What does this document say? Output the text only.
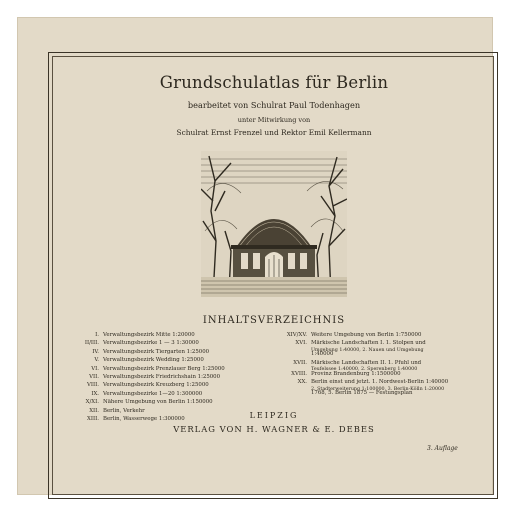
Grundschulatlas für Berlin
bearbeitet von Schulrat Paul Todenhagen
unter Mitwirkung von
Schulrat Ernst Frenzel und Rektor Emil Kellermann
INHALTSVERZEICHNIS
I. Verwaltungsbezirk Mitte 1:20000
II/III. Verwaltungsbezirke 1 — 3 1:30000
IV. Verwaltungsbezirk Tiergarten 1:25000
V. Verwaltungsbezirk Wedding 1:25000
VI. Verwaltungsbezirk Prenzlauer Berg 1:25000
VII. Verwaltungsbezirk Friedrichshain 1:25000
VIII. Verwaltungsbezirk Kreuzberg 1:25000
IX. Verwaltungsbezirke 1—20 1:300000
X/XI. Nähere Umgebung von Berlin 1:150000
XII. Berlin, Verkehr
XIII. Berlin, Wasserwege 1:300000
XIV/XV. Weitere Umgebung von Berlin 1:750000
XVI. Märkische Landschaften I. 1. Stolpen und
Umgebung 1:40000, 2. Nauen und Umgebung
1:40000
XVII. Märkische Landschaften II. 1. Pfuhl und
Teufelssee 1:40000, 2. Sperenberg 1:40000
XVIII. Provinz Brandenburg 1:1500000
XX. Berlin einst und jetzt. 1. Nordwest-Berlin 1:40000
2. Stadterweiterung 1:100000, 3. Berlin-Kölln 1:20000
1768, 5. Berlin 1875 — Festungsplan
LEIPZIG
VERLAG VON H. WAGNER & E. DEBES
3. Auflage
